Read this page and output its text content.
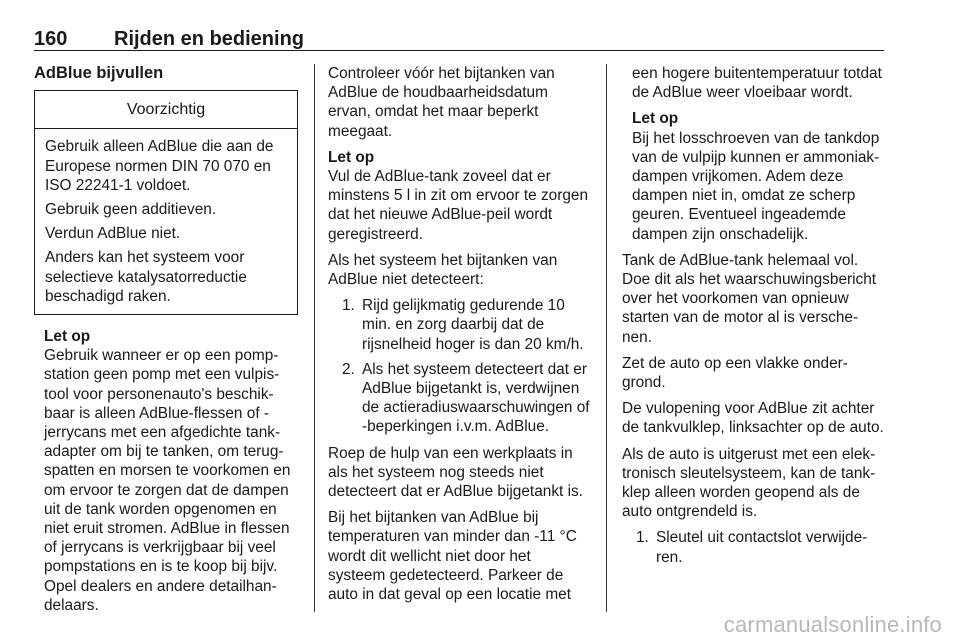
160 Rijden en bediening
AdBlue bijvullen
Voorzichtig

Gebruik alleen AdBlue die aan de Europese normen DIN 70 070 en ISO 22241-1 voldoet.

Gebruik geen additieven.

Verdun AdBlue niet.

Anders kan het systeem voor selectieve katalysatorreductie beschadigd raken.

Let op
Gebruik wanneer er op een pomp-station geen pomp met een vulpis-tool voor personenauto's beschik-baar is alleen AdBlue-flessen of -jerrycans met een afgedichte tank-adapter om bij te tanken, om terug-spatten en morsen te voorkomen en om ervoor te zorgen dat de dampen uit de tank worden opgenomen en niet eruit stromen. AdBlue in flessen of jerrycans is verkrijgbaar bij veel pompstations en is te koop bij bijv. Opel dealers en andere detailhan-delaars.
Controleer vóór het bijtanken van AdBlue de houdbaarheidsdatum ervan, omdat het maar beperkt meegaat.
Let op
Vul de AdBlue-tank zoveel dat er minstens 5 l in zit om ervoor te zorgen dat het nieuwe AdBlue-peil wordt geregistreerd.
Als het systeem het bijtanken van AdBlue niet detecteert:
1. Rijd gelijkmatig gedurende 10 min. en zorg daarbij dat de rijsnelheid hoger is dan 20 km/h.
2. Als het systeem detecteert dat er AdBlue bijgetankt is, verdwijnen de actieradiuswaarschuwingen of -beperkingen i.v.m. AdBlue.
Roep de hulp van een werkplaats in als het systeem nog steeds niet detecteert dat er AdBlue bijgetankt is.
Bij het bijtanken van AdBlue bij temperaturen van minder dan -11 °C wordt dit wellicht niet door het systeem gedetecteerd. Parkeer de auto in dat geval op een locatie met
een hogere buitentemperatuur totdat de AdBlue weer vloeibaar wordt.
Let op
Bij het losschroeven van de tankdop van de vulpijp kunnen er ammoniak-dampen vrijkomen. Adem deze dampen niet in, omdat ze scherp geuren. Eventueel ingeademde dampen zijn onschadelijk.
Tank de AdBlue-tank helemaal vol. Doe dit als het waarschuwingsbericht over het voorkomen van opnieuw starten van de motor al is versche-nen.
Zet de auto op een vlakke onder-grond.
De vulopening voor AdBlue zit achter de tankvulklep, linksachter op de auto.
Als de auto is uitgerust met een elek-tronisch sleutelsysteem, kan de tank-klep alleen worden geopend als de auto ontgrendeld is.
1. Sleutel uit contactslot verwijde-ren.
carmanualsonline.info
